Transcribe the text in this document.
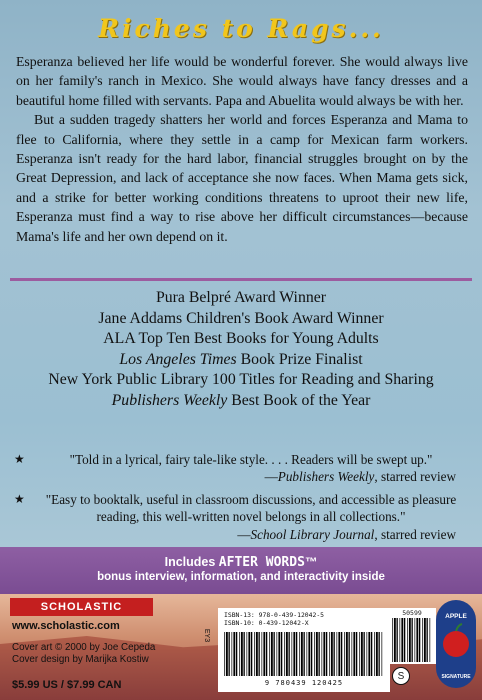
Riches to Rags...

Esperanza believed her life would be wonderful forever. She would always live on her family's ranch in Mexico. She would always have fancy dresses and a beautiful home filled with servants. Papa and Abuelita would always be with her.

But a sudden tragedy shatters her world and forces Esperanza and Mama to flee to California, where they settle in a camp for Mexican farm workers. Esperanza isn't ready for the hard labor, financial struggles brought on by the Great Depression, and lack of acceptance she now faces. When Mama gets sick, and a strike for better working conditions threatens to uproot their new life, Esperanza must find a way to rise above her difficult circumstances—because Mama's life and her own depend on it.

Pura Belpré Award Winner
Jane Addams Children's Book Award Winner
ALA Top Ten Best Books for Young Adults
Los Angeles Times Book Prize Finalist
New York Public Library 100 Titles for Reading and Sharing
Publishers Weekly Best Book of the Year
★	"Told in a lyrical, fairy tale-like style. . . . Readers will be swept up."
—Publishers Weekly, starred review
★	"Easy to booktalk, useful in classroom discussions, and accessible as pleasure reading, this well-written novel belongs in all collections."
—School Library Journal, starred review
Includes AFTER WORDS™
bonus interview, information, and interactivity inside
SCHOLASTIC
www.scholastic.com
Cover art © 2000 by Joe Cepeda
Cover design by Marijka Kostiw
$5.99 US / $7.99 CAN
EY3
ISBN-13: 978-0-439-12042-5
ISBN-10: 0-439-12042-X
9 780439 120425
50599
S
APPLE
SIGNATURE
